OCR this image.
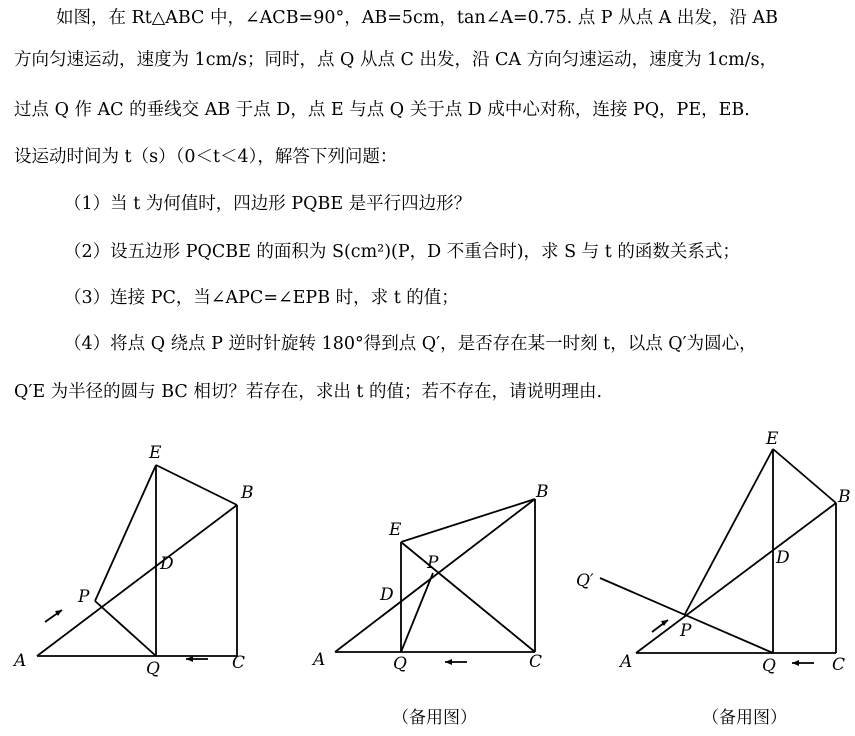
如图，在 Rt△ABC 中，∠ACB=90°，AB=5cm，tan∠A=0.75. 点 P 从点 A 出发，沿 AB
方向匀速运动，速度为 1cm/s；同时，点 Q 从点 C 出发，沿 CA 方向匀速运动，速度为 1cm/s，
过点 Q 作 AC 的垂线交 AB 于点 D，点 E 与点 Q 关于点 D 成中心对称，连接 PQ，PE，EB.
设运动时间为 t（s）（0＜t＜4），解答下列问题：
（1）当 t 为何值时，四边形 PQBE 是平行四边形？
（2）设五边形 PQCBE 的面积为 S(cm²)(P，D 不重合时)，求 S 与 t 的函数关系式；
（3）连接 PC，当∠APC=∠EPB 时，求 t 的值；
（4）将点 Q 绕点 P 逆时针旋转 180°得到点 Q′，是否存在某一时刻 t，以点 Q′为圆心，
Q′E 为半径的圆与 BC 相切？若存在，求出 t 的值；若不存在，请说明理由.
A	C
B
E
D
P
Q	A	C
B
E
D
P
Q
（备用图）
A	C
B
E
D
P
Q
Q′
（备用图）
